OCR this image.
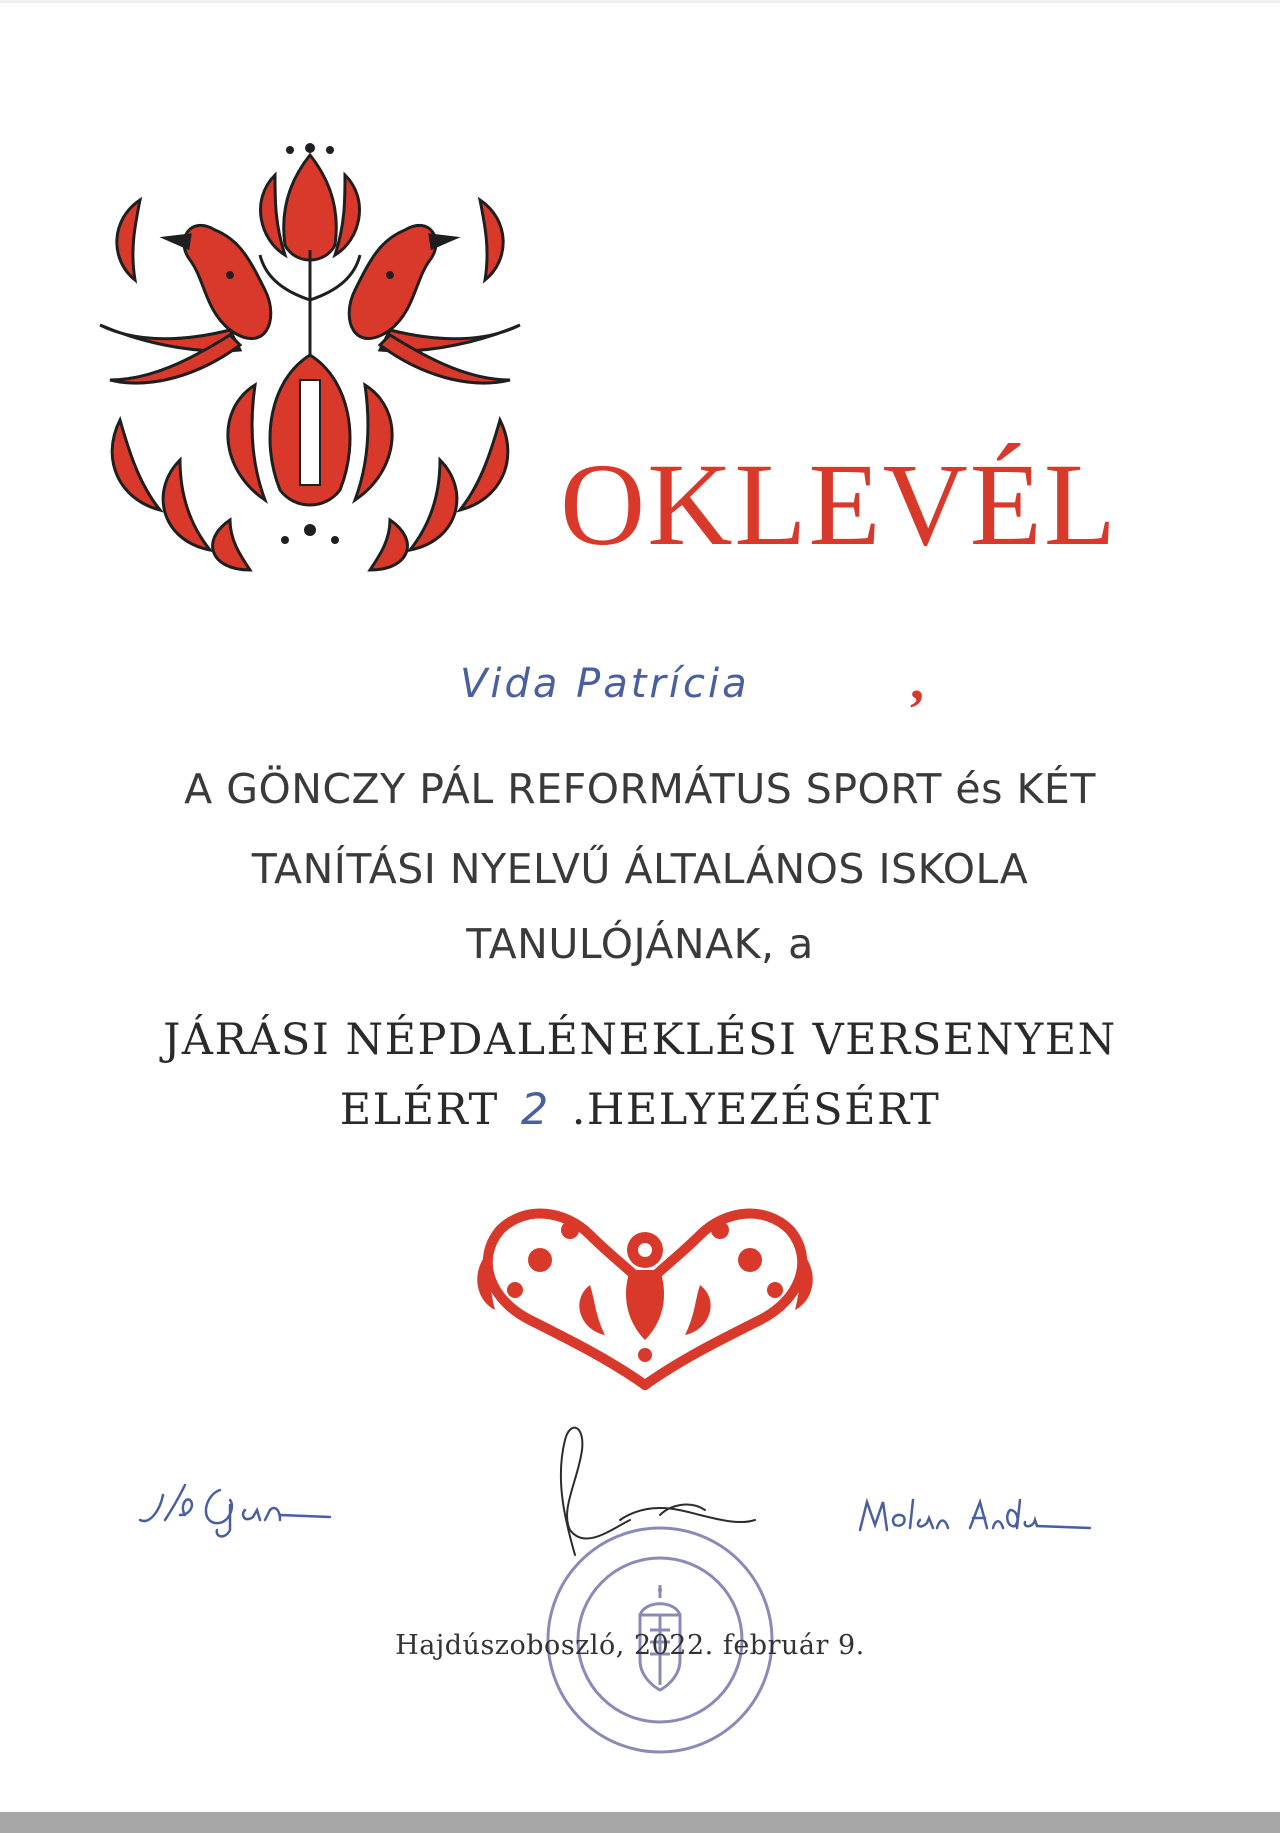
OKLEVÉL
Vida Patrícia	,
A GÖNCZY PÁL REFORMÁTUS SPORT és KÉT
TANÍTÁSI NYELVŰ ÁLTALÁNOS ISKOLA
TANULÓJÁNAK, a
JÁRÁSI NÉPDALÉNEKLÉSI VERSENYEN
ELÉRT 2 .HELYEZÉSÉRT
Hajdúszoboszló, 2022. február 9.
